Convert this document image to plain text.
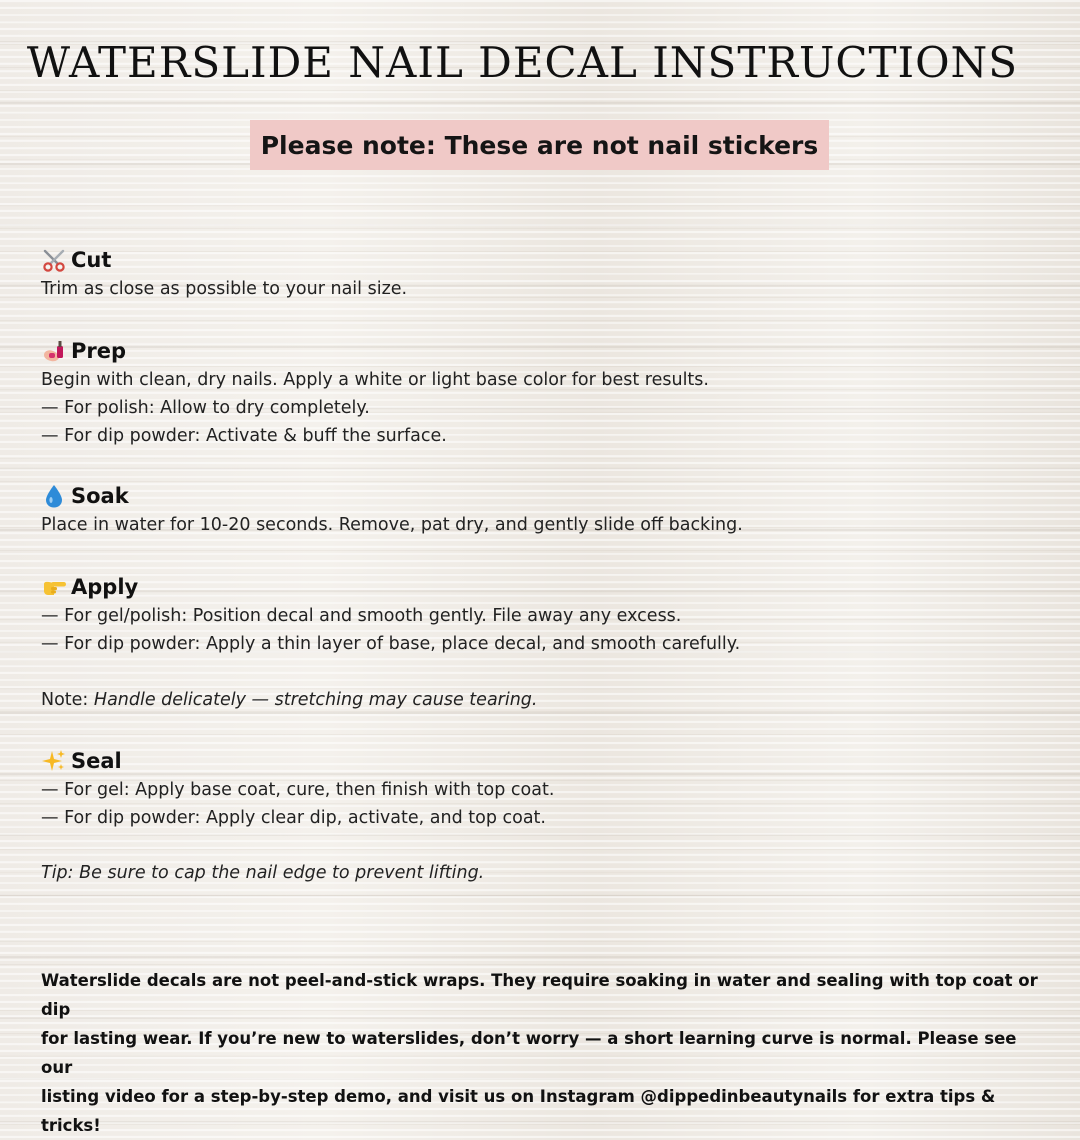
WATERSLIDE NAIL DECAL INSTRUCTIONS
Please note: These are not nail stickers
Cut
Trim as close as possible to your nail size.
Prep
Begin with clean, dry nails. Apply a white or light base color for best results.
— For polish: Allow to dry completely.
— For dip powder: Activate & buff the surface.
Soak
Place in water for 10-20 seconds. Remove, pat dry, and gently slide off backing.
Apply
— For gel/polish: Position decal and smooth gently. File away any excess.
— For dip powder: Apply a thin layer of base, place decal, and smooth carefully.
Note: Handle delicately — stretching may cause tearing.
Seal
— For gel: Apply base coat, cure, then finish with top coat.
— For dip powder: Apply clear dip, activate, and top coat.
Tip: Be sure to cap the nail edge to prevent lifting.
Waterslide decals are not peel-and-stick wraps. They require soaking in water and sealing with top coat or dip
for lasting wear. If you’re new to waterslides, don’t worry — a short learning curve is normal. Please see our
listing video for a step-by-step demo, and visit us on Instagram @dippedinbeautynails for extra tips & tricks!
